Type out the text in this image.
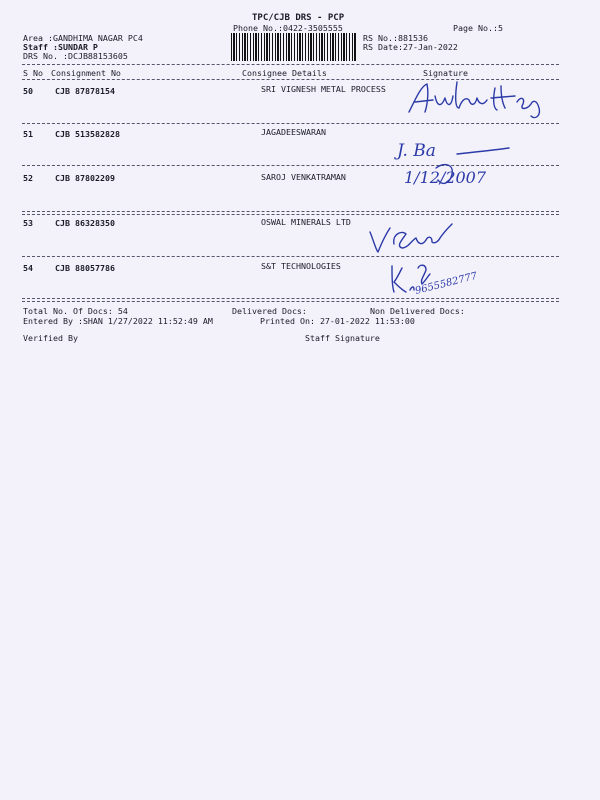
TPC/CJB DRS - PCP
Phone No.:0422-3505555	Page No.:5
Area :GANDHIMA NAGAR PC4
Staff :SUNDAR P
DRS No. :DCJB88153605
RS No.:881536
RS Date:27-Jan-2022
S No Consignment No	Consignee Details	Signature
50	CJB 87878154	SRI VIGNESH METAL PROCESS
51	CJB 513582828	JAGADEESWARAN
J. Ba
52	CJB 87802209	SAROJ VENKATRAMAN	1/12/2007
53	CJB 86328350	OSWAL MINERALS LTD
54	CJB 88057786	S&T TECHNOLOGIES
9655582777
Total No. Of Docs: 54	Delivered Docs:	Non Delivered Docs:
Entered By :SHAN 1/27/2022 11:52:49 AM	Printed On: 27-01-2022 11:53:00
Verified By	Staff Signature
